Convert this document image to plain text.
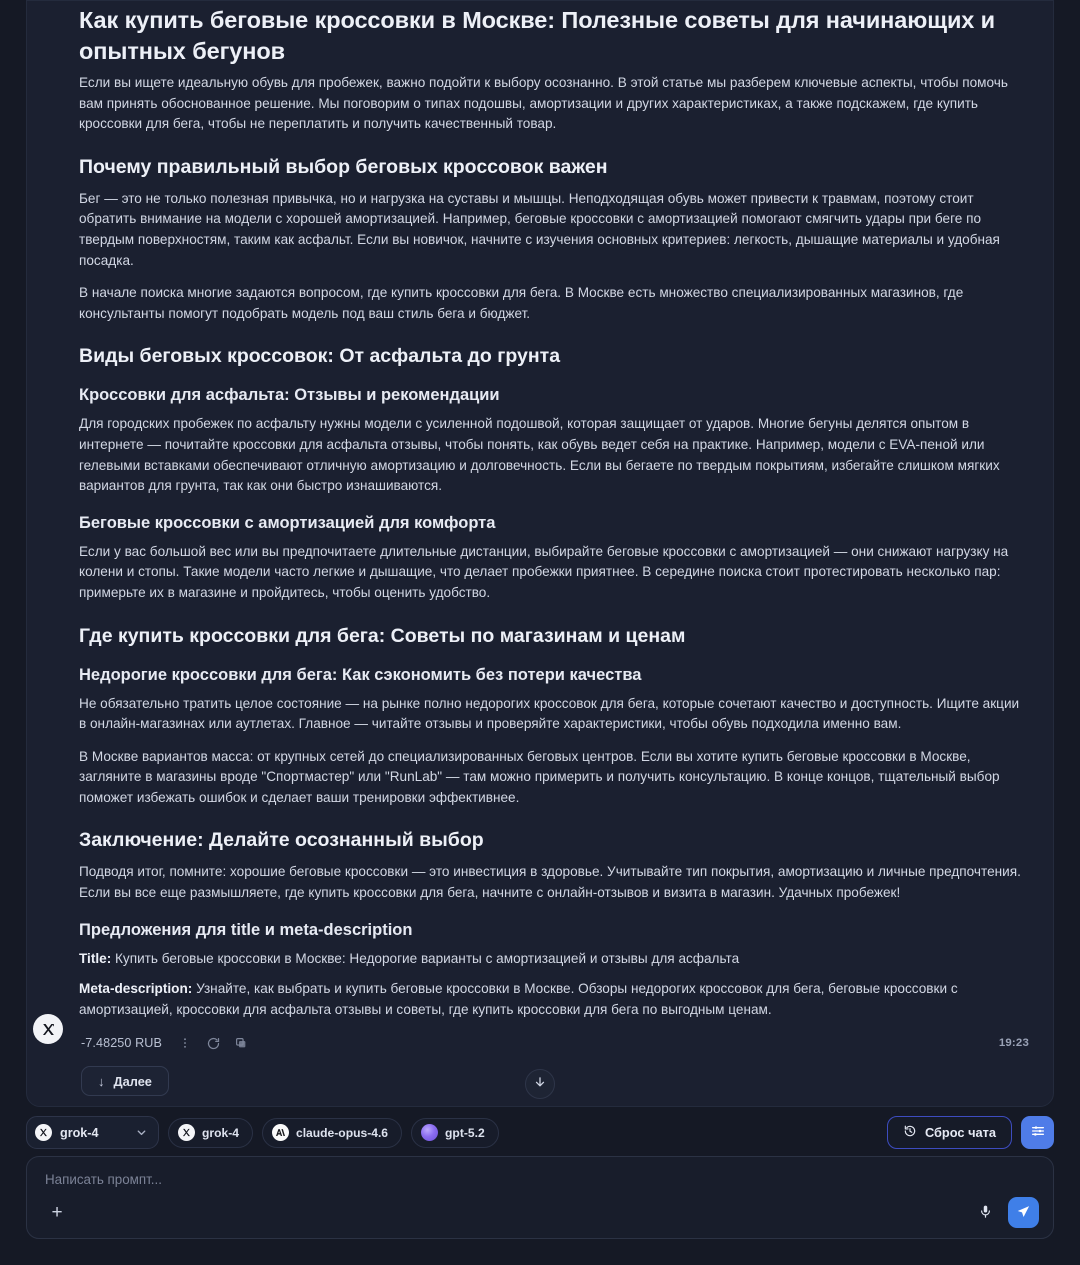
Как купить беговые кроссовки в Москве: Полезные советы для начинающих и опытных бегунов

Если вы ищете идеальную обувь для пробежек, важно подойти к выбору осознанно. В этой статье мы разберем ключевые аспекты, чтобы помочь вам принять обоснованное решение. Мы поговорим о типах подошвы, амортизации и других характеристиках, а также подскажем, где купить кроссовки для бега, чтобы не переплатить и получить качественный товар.

Почему правильный выбор беговых кроссовок важен

Бег — это не только полезная привычка, но и нагрузка на суставы и мышцы. Неподходящая обувь может привести к травмам, поэтому стоит обратить внимание на модели с хорошей амортизацией. Например, беговые кроссовки с амортизацией помогают смягчить удары при беге по твердым поверхностям, таким как асфальт. Если вы новичок, начните с изучения основных критериев: легкость, дышащие материалы и удобная посадка.

В начале поиска многие задаются вопросом, где купить кроссовки для бега. В Москве есть множество специализированных магазинов, где консультанты помогут подобрать модель под ваш стиль бега и бюджет.

Виды беговых кроссовок: От асфальта до грунта
Кроссовки для асфальта: Отзывы и рекомендации

Для городских пробежек по асфальту нужны модели с усиленной подошвой, которая защищает от ударов. Многие бегуны делятся опытом в интернете — почитайте кроссовки для асфальта отзывы, чтобы понять, как обувь ведет себя на практике. Например, модели с EVA-пеной или гелевыми вставками обеспечивают отличную амортизацию и долговечность. Если вы бегаете по твердым покрытиям, избегайте слишком мягких вариантов для грунта, так как они быстро изнашиваются.

Беговые кроссовки с амортизацией для комфорта

Если у вас большой вес или вы предпочитаете длительные дистанции, выбирайте беговые кроссовки с амортизацией — они снижают нагрузку на колени и стопы. Такие модели часто легкие и дышащие, что делает пробежки приятнее. В середине поиска стоит протестировать несколько пар: примерьте их в магазине и пройдитесь, чтобы оценить удобство.

Где купить кроссовки для бега: Советы по магазинам и ценам
Недорогие кроссовки для бега: Как сэкономить без потери качества

Не обязательно тратить целое состояние — на рынке полно недорогих кроссовок для бега, которые сочетают качество и доступность. Ищите акции в онлайн-магазинах или аутлетах. Главное — читайте отзывы и проверяйте характеристики, чтобы обувь подходила именно вам.

В Москве вариантов масса: от крупных сетей до специализированных беговых центров. Если вы хотите купить беговые кроссовки в Москве, загляните в магазины вроде "Спортмастер" или "RunLab" — там можно примерить и получить консультацию. В конце концов, тщательный выбор поможет избежать ошибок и сделает ваши тренировки эффективнее.

Заключение: Делайте осознанный выбор

Подводя итог, помните: хорошие беговые кроссовки — это инвестиция в здоровье. Учитывайте тип покрытия, амортизацию и личные предпочтения. Если вы все еще размышляете, где купить кроссовки для бега, начните с онлайн-отзывов и визита в магазин. Удачных пробежек!

Предложения для title и meta-description

Title: Купить беговые кроссовки в Москве: Недорогие варианты с амортизацией и отзывы для асфальта

Meta-description: Узнайте, как выбрать и купить беговые кроссовки в Москве. Обзоры недорогих кроссовок для бега, беговые кроссовки с амортизацией, кроссовки для асфальта отзывы и советы, где купить кроссовки для бега по выгодным ценам.

-7.48250 RUB	19:23
↓ Далее
grok-4	grok-4	claude-opus-4.6	gpt-5.2	Сброс чата
Написать промпт...
+
